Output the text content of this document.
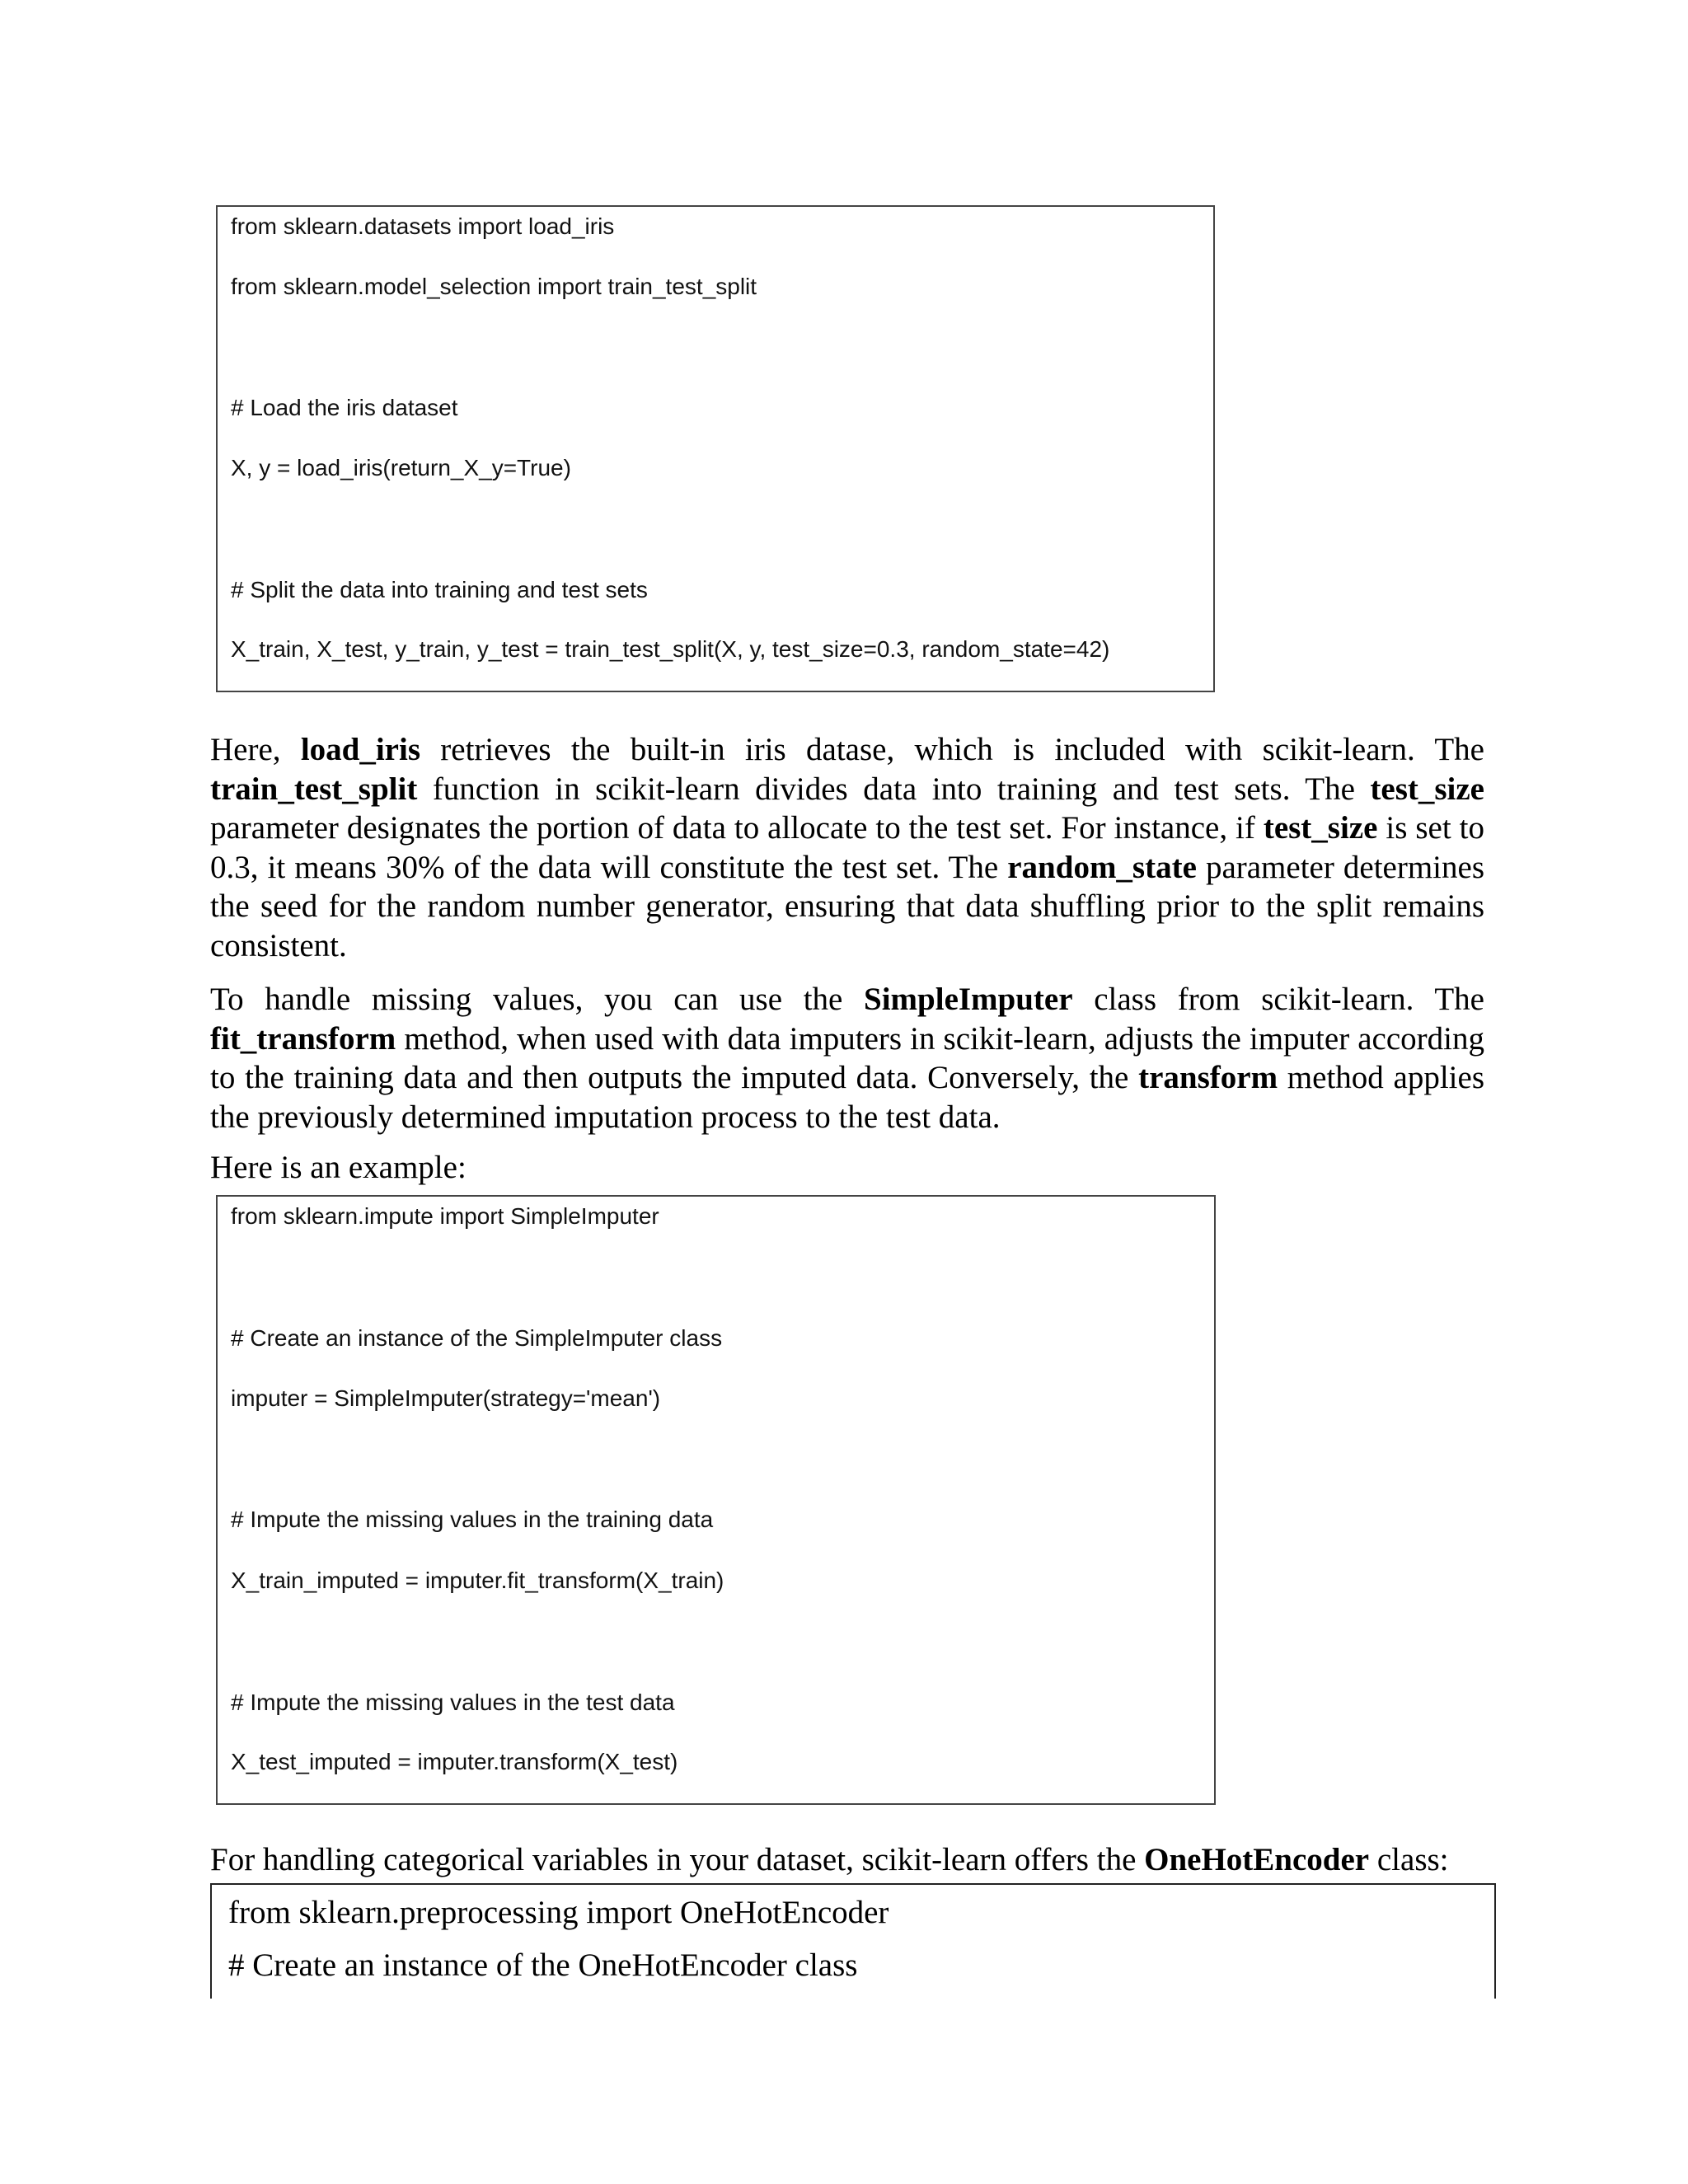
from sklearn.datasets import load_iris
from sklearn.model_selection import train_test_split
# Load the iris dataset
X, y = load_iris(return_X_y=True)
# Split the data into training and test sets
X_train, X_test, y_train, y_test = train_test_split(X, y, test_size=0.3, random_state=42)

Here, load_iris retrieves the built-in iris datase, which is included with scikit-learn. The train_test_split function in scikit-learn divides data into training and test sets. The test_size parameter designates the portion of data to allocate to the test set. For instance, if test_size is set to 0.3, it means 30% of the data will constitute the test set. The random_state parameter determines the seed for the random number generator, ensuring that data shuffling prior to the split remains consistent.

To handle missing values, you can use the SimpleImputer class from scikit-learn. The fit_transform method, when used with data imputers in scikit-learn, adjusts the imputer according to the training data and then outputs the imputed data. Conversely, the transform method applies the previously determined imputation process to the test data.

Here is an example:
from sklearn.impute import SimpleImputer
# Create an instance of the SimpleImputer class
imputer = SimpleImputer(strategy='mean')
# Impute the missing values in the training data
X_train_imputed = imputer.fit_transform(X_train)
# Impute the missing values in the test data
X_test_imputed = imputer.transform(X_test)
For handling categorical variables in your dataset, scikit-learn offers the OneHotEncoder class:
from sklearn.preprocessing import OneHotEncoder
# Create an instance of the OneHotEncoder class
